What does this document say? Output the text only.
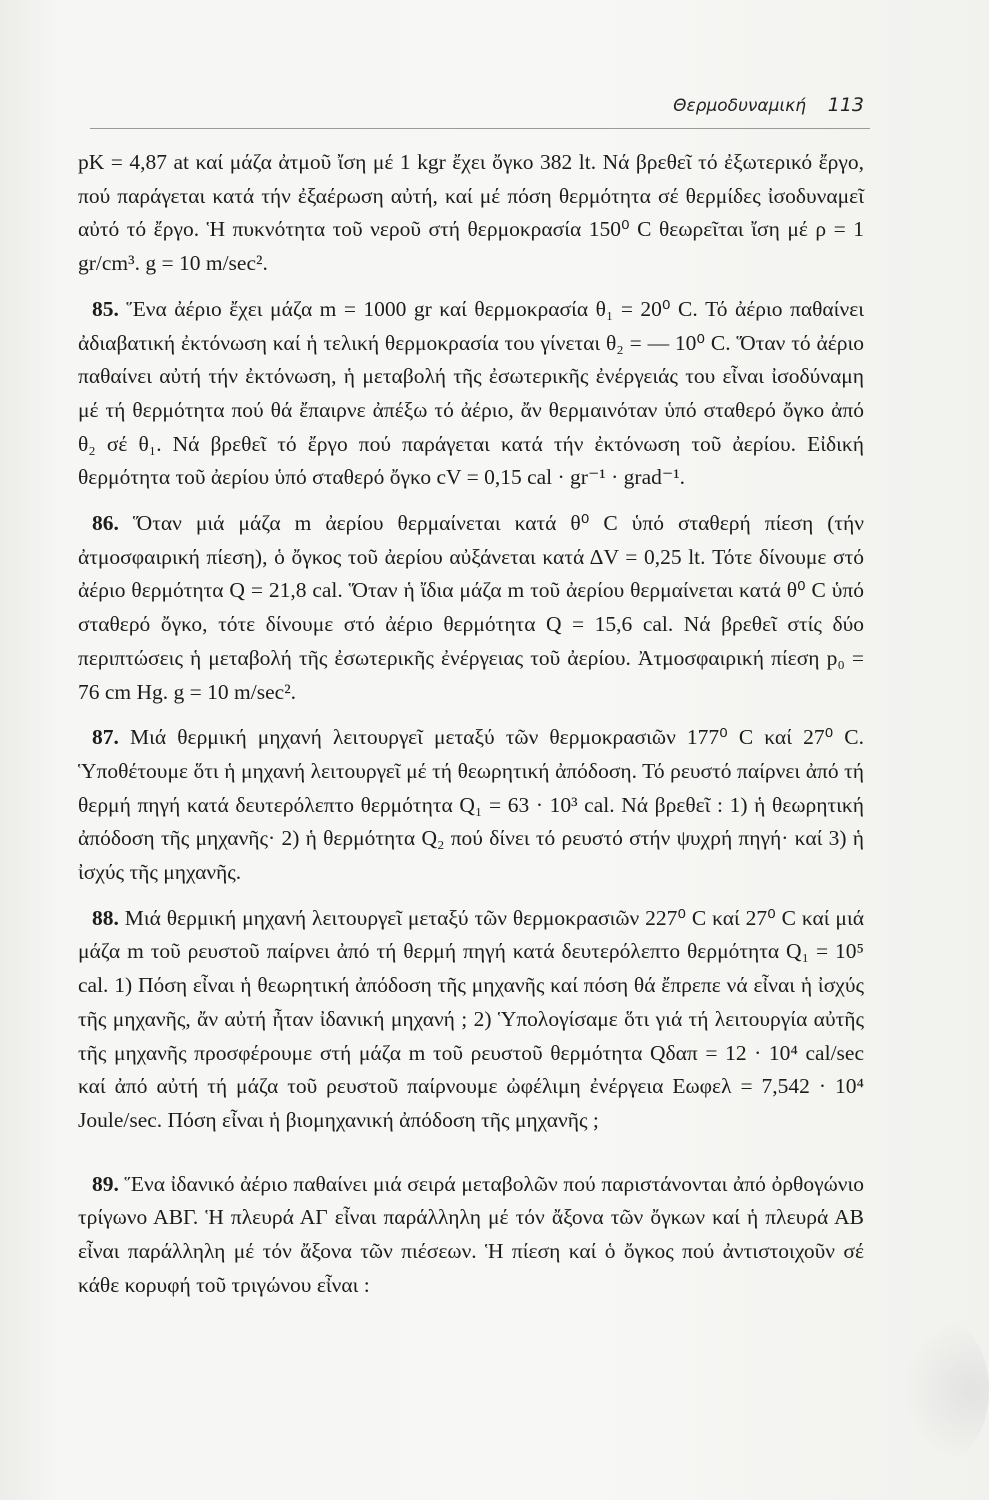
Θερμοδυναμική 113

pK = 4,87 at καί μάζα ἀτμοῦ ἴση μέ 1 kgr ἔχει ὄγκο 382 lt. Νά βρεθεῖ τό ἐξωτερικό ἔργο, πού παράγεται κατά τήν ἐξαέρωση αὐτή, καί μέ πόση θερμότητα σέ θερμίδες ἰσοδυναμεῖ αὐτό τό ἔργο. Ἡ πυκνότητα τοῦ νεροῦ στή θερμοκρασία 150⁰ C θεωρεῖται ἴση μέ ρ = 1 gr/cm³. g = 10 m/sec².

85. Ἕνα ἀέριο ἔχει μάζα m = 1000 gr καί θερμοκρασία θ₁ = 20⁰ C. Τό ἀέριο παθαίνει ἀδιαβατική ἐκτόνωση καί ἡ τελική θερμοκρασία του γίνεται θ₂ = — 10⁰ C. Ὅταν τό ἀέριο παθαίνει αὐτή τήν ἐκτόνωση, ἡ μεταβολή τῆς ἐσωτερικῆς ἐνέργειάς του εἶναι ἰσοδύναμη μέ τή θερμότητα πού θά ἔπαιρνε ἀπέξω τό ἀέριο, ἄν θερμαινόταν ὑπό σταθερό ὄγκο ἀπό θ₂ σέ θ₁. Νά βρεθεῖ τό ἔργο πού παράγεται κατά τήν ἐκτόνωση τοῦ ἀερίου. Εἰδική θερμότητα τοῦ ἀερίου ὑπό σταθερό ὄγκο cV = 0,15 cal · gr⁻¹ · grad⁻¹.

86. Ὅταν μιά μάζα m ἀερίου θερμαίνεται κατά θ⁰ C ὑπό σταθερή πίεση (τήν ἀτμοσφαιρική πίεση), ὁ ὄγκος τοῦ ἀερίου αὐξάνεται κατά ΔV = 0,25 lt. Τότε δίνουμε στό ἀέριο θερμότητα Q = 21,8 cal. Ὅταν ἡ ἴδια μάζα m τοῦ ἀερίου θερμαίνεται κατά θ⁰ C ὑπό σταθερό ὄγκο, τότε δίνουμε στό ἀέριο θερμότητα Q = 15,6 cal. Νά βρεθεῖ στίς δύο περιπτώσεις ἡ μεταβολή τῆς ἐσωτερικῆς ἐνέργειας τοῦ ἀερίου. Ἀτμοσφαιρική πίεση p₀ = 76 cm Hg. g = 10 m/sec².

87. Μιά θερμική μηχανή λειτουργεῖ μεταξύ τῶν θερμοκρασιῶν 177⁰ C καί 27⁰ C. Ὑποθέτουμε ὅτι ἡ μηχανή λειτουργεῖ μέ τή θεωρητική ἀπόδοση. Τό ρευστό παίρνει ἀπό τή θερμή πηγή κατά δευτερόλεπτο θερμότητα Q₁ = 63 · 10³ cal. Νά βρεθεῖ : 1) ἡ θεωρητική ἀπόδοση τῆς μηχανῆς· 2) ἡ θερμότητα Q₂ πού δίνει τό ρευστό στήν ψυχρή πηγή· καί 3) ἡ ἰσχύς τῆς μηχανῆς.

88. Μιά θερμική μηχανή λειτουργεῖ μεταξύ τῶν θερμοκρασιῶν 227⁰ C καί 27⁰ C καί μιά μάζα m τοῦ ρευστοῦ παίρνει ἀπό τή θερμή πηγή κατά δευτερόλεπτο θερμότητα Q₁ = 10⁵ cal. 1) Πόση εἶναι ἡ θεωρητική ἀπόδοση τῆς μηχανῆς καί πόση θά ἔπρεπε νά εἶναι ἡ ἰσχύς τῆς μηχανῆς, ἄν αὐτή ἦταν ἰδανική μηχανή ; 2) Ὑπολογίσαμε ὅτι γιά τή λειτουργία αὐτῆς τῆς μηχανῆς προσφέρουμε στή μάζα m τοῦ ρευστοῦ θερμότητα Qδαπ = 12 · 10⁴ cal/sec καί ἀπό αὐτή τή μάζα τοῦ ρευστοῦ παίρνουμε ὠφέλιμη ἐνέργεια Eωφελ = 7,542 · 10⁴ Joule/sec. Πόση εἶναι ἡ βιομηχανική ἀπόδοση τῆς μηχανῆς ;

89. Ἕνα ἰδανικό ἀέριο παθαίνει μιά σειρά μεταβολῶν πού παριστάνονται ἀπό ὀρθογώνιο τρίγωνο ΑΒΓ. Ἡ πλευρά ΑΓ εἶναι παράλληλη μέ τόν ἄξονα τῶν ὄγκων καί ἡ πλευρά ΑΒ εἶναι παράλληλη μέ τόν ἄξονα τῶν πιέσεων. Ἡ πίεση καί ὁ ὄγκος πού ἀντιστοιχοῦν σέ κάθε κορυφή τοῦ τριγώνου εἶναι :
